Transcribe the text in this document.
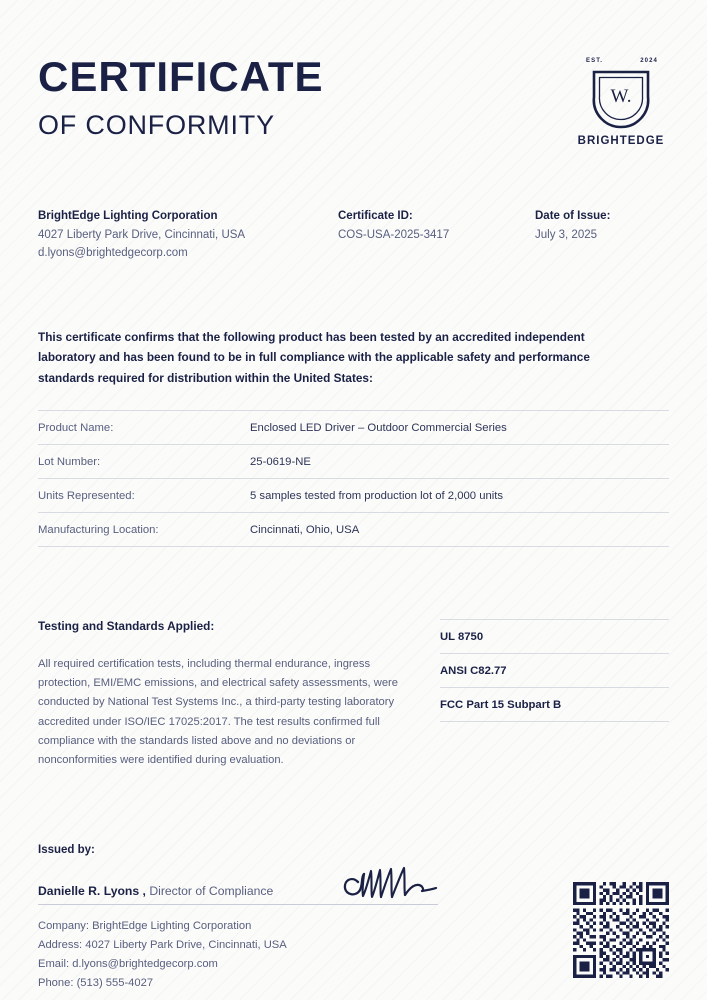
CERTIFICATE
OF CONFORMITY
EST.	2024
W.
BRIGHTEDGE
BrightEdge Lighting Corporation
4027 Liberty Park Drive, Cincinnati, USA
d.lyons@brightedgecorp.com
Certificate ID:
COS-USA-2025-3417
Date of Issue:
July 3, 2025
This certificate confirms that the following product has been tested by an accredited independent laboratory and has been found to be in full compliance with the applicable safety and performance standards required for distribution within the United States:
Product Name:	Enclosed LED Driver – Outdoor Commercial Series
Lot Number:	25-0619-NE
Units Represented:	5 samples tested from production lot of 2,000 units
Manufacturing Location:	Cincinnati, Ohio, USA
Testing and Standards Applied:
All required certification tests, including thermal endurance, ingress protection, EMI/EMC emissions, and electrical safety assessments, were conducted by National Test Systems Inc., a third-party testing laboratory accredited under ISO/IEC 17025:2017. The test results confirmed full compliance with the standards listed above and no deviations or nonconformities were identified during evaluation.
UL 8750
ANSI C82.77
FCC Part 15 Subpart B
Issued by:
Danielle R. Lyons , Director of Compliance
Company: BrightEdge Lighting Corporation
Address: 4027 Liberty Park Drive, Cincinnati, USA
Email: d.lyons@brightedgecorp.com
Phone: (513) 555-4027
